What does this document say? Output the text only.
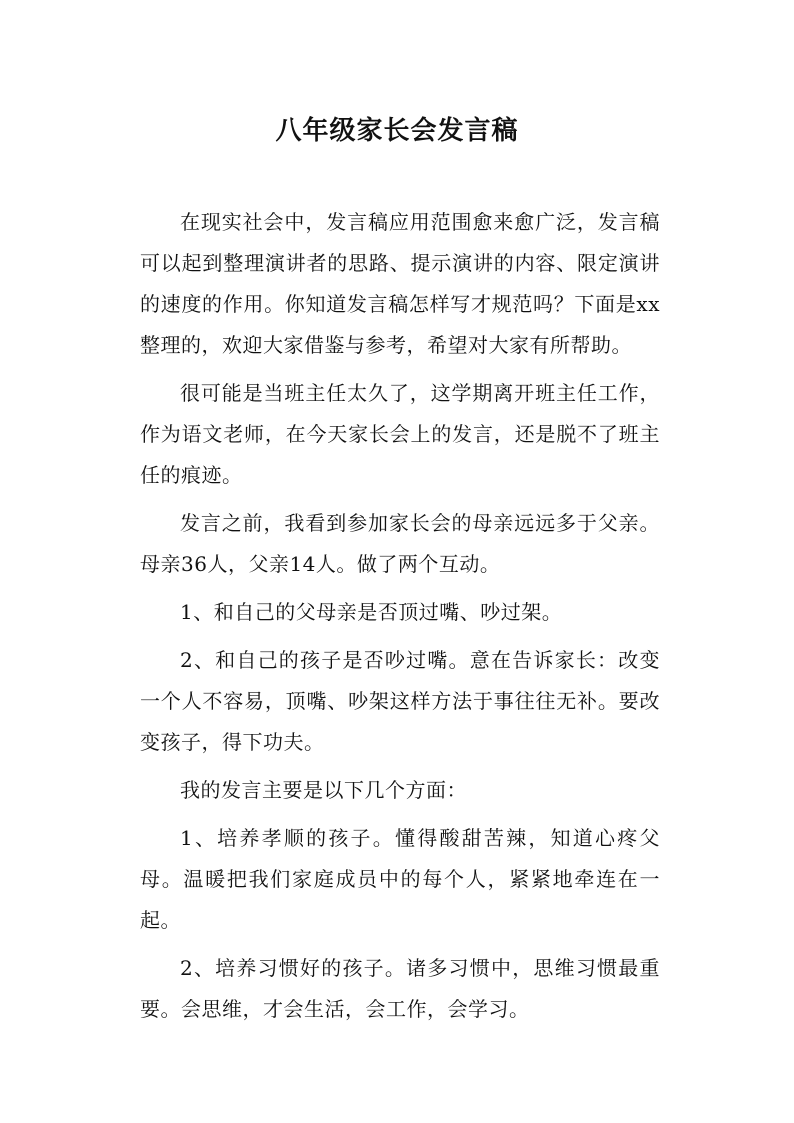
八年级家长会发言稿

在现实社会中，发言稿应用范围愈来愈广泛，发言稿可以起到整理演讲者的思路、提示演讲的内容、限定演讲的速度的作用。你知道发言稿怎样写才规范吗？下面是xx整理的，欢迎大家借鉴与参考，希望对大家有所帮助。

很可能是当班主任太久了，这学期离开班主任工作，作为语文老师，在今天家长会上的发言，还是脱不了班主任的痕迹。

发言之前，我看到参加家长会的母亲远远多于父亲。母亲36人，父亲14人。做了两个互动。

1、和自己的父母亲是否顶过嘴、吵过架。

2、和自己的孩子是否吵过嘴。意在告诉家长：改变一个人不容易，顶嘴、吵架这样方法于事往往无补。要改变孩子，得下功夫。

我的发言主要是以下几个方面：

1、培养孝顺的孩子。懂得酸甜苦辣，知道心疼父母。温暖把我们家庭成员中的每个人，紧紧地牵连在一起。

2、培养习惯好的孩子。诸多习惯中，思维习惯最重要。会思维，才会生活，会工作，会学习。
